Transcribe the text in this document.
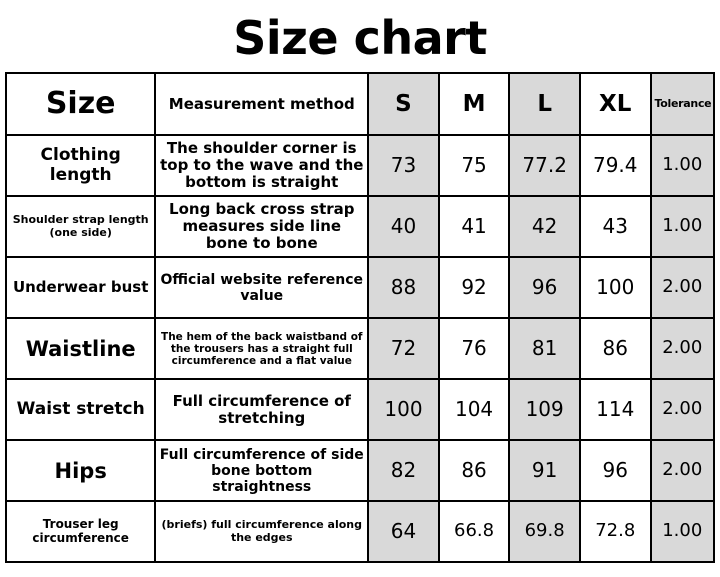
Size chart
Size	Measurement method	S	M	L	XL	Tolerance
Clothing length	The shoulder corner is top to the wave and the bottom is straight	73	75	77.2	79.4	1.00
Shoulder strap length (one side)	Long back cross strap measures side line bone to bone	40	41	42	43	1.00
Underwear bust	Official website reference value	88	92	96	100	2.00
Waistline	The hem of the back waistband of the trousers has a straight full circumference and a flat value	72	76	81	86	2.00
Waist stretch	Full circumference of stretching	100	104	109	114	2.00
Hips	Full circumference of side bone bottom straightness	82	86	91	96	2.00
Trouser leg circumference	(briefs) full circumference along the edges	64	66.8	69.8	72.8	1.00
